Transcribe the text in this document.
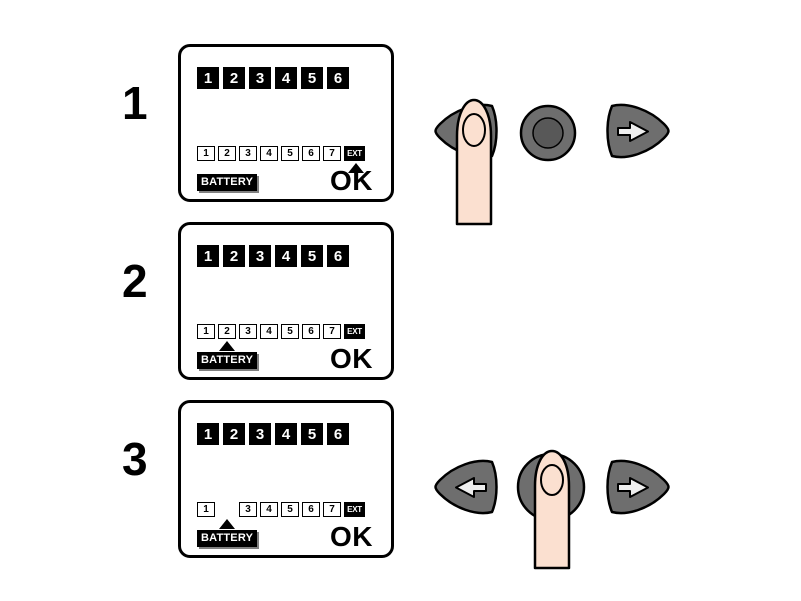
1	1	2	3	4	5	6
1	2	3	4	5	6	7	EXT
BATTERY	OK
2	1	2	3	4	5	6
1	2	3	4	5	6	7	EXT
BATTERY	OK
3	1	2	3	4	5	6
1	3	4	5	6	7	EXT
BATTERY	OK
